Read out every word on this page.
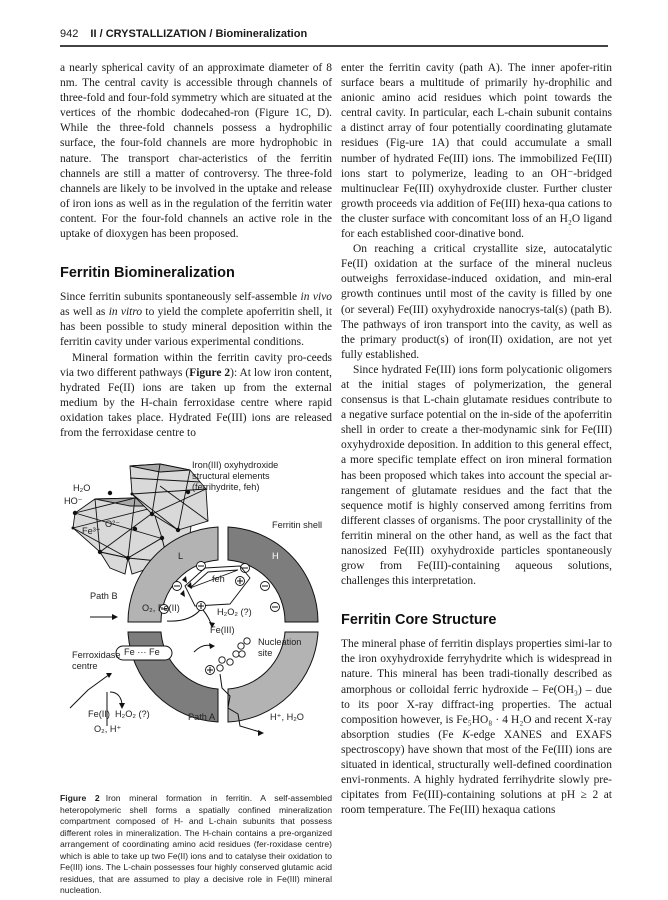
942 II / CRYSTALLIZATION / Biomineralization

a nearly spherical cavity of an approximate diameter of 8 nm. The central cavity is accessible through channels of three-fold and four-fold symmetry which are situated at the vertices of the rhombic dodecahed-ron (Figure 1C, D). While the three-fold channels possess a hydrophilic surface, the four-fold channels are more hydrophobic in nature. The transport char-acteristics of the ferritin channels are still a matter of controversy. The three-fold channels are likely to be involved in the uptake and release of iron ions as well as in the regulation of the ferritin water content. For the four-fold channels an active role in the uptake of dioxygen has been proposed.

Ferritin Biomineralization

Since ferritin subunits spontaneously self-assemble in vivo as well as in vitro to yield the complete apoferritin shell, it has been possible to study mineral deposition within the ferritin cavity under various experimental conditions.

Mineral formation within the ferritin cavity pro-ceeds via two different pathways (Figure 2): At low iron content, hydrated Fe(II) ions are taken up from the external medium by the H-chain ferroxidase centre where rapid oxidation takes place. Hydrated Fe(III) ions are released from the ferroxidase centre to

Iron(III) oxyhydroxide
structural elements
(ferrihydrite, feh)
H₂O
HO⁻
Fe³⁺
O²⁻	Ferritin shell
L	H
feh
Path B
O₂, Fe(II)	H₂O₂ (?)
Fe(III)
Nucleation
site
Ferroxidase
centre
Fe ··· Fe
Fe(II) H₂O₂ (?)
O₂, H⁺
Path A	H⁺, H₂O
Figure 2 Iron mineral formation in ferritin. A self-assembled heteropolymeric shell forms a spatially confined mineralization compartment composed of H- and L-chain subunits that possess different roles in mineralization. The H-chain contains a pre-organized arrangement of coordinating amino acid residues (fer-roxidase centre) which is able to take up two Fe(II) ions and to catalyse their oxidation to Fe(III) ions. The L-chain possesses four highly conserved glutamic acid residues, that are assumed to play a decisive role in Fe(III) mineral nucleation.

enter the ferritin cavity (path A). The inner apofer-ritin surface bears a multitude of primarily hy-drophilic and anionic amino acid residues which point towards the central cavity. In particular, each L-chain subunit contains a distinct array of four potentially coordinating glutamate residues (Fig-ure 1A) that could accumulate a small number of hydrated Fe(III) ions. The immobilized Fe(III) ions start to polymerize, leading to an OH⁻-bridged multinuclear Fe(III) oxyhydroxide cluster. Further cluster growth proceeds via addition of Fe(III) hexa-qua cations to the cluster surface with concomitant loss of an H₂O ligand for each established coor-dinative bond.

On reaching a critical crystallite size, autocatalytic Fe(II) oxidation at the surface of the mineral nucleus outweighs ferroxidase-induced oxidation, and min-eral growth continues until most of the cavity is filled by one (or several) Fe(III) oxyhydroxide nanocrys-tal(s) (path B). The pathways of iron transport into the cavity, as well as the primary product(s) of iron(II) oxidation, are not yet fully established.

Since hydrated Fe(III) ions form polycationic oligomers at the initial stages of polymerization, the general consensus is that L-chain glutamate residues contribute to a negative surface potential on the in-side of the apoferritin shell in order to create a ther-modynamic sink for Fe(III) oxyhydroxide deposition. In addition to this general effect, a more specific template effect on iron mineral formation has been proposed which takes into account the special ar-rangement of glutamate residues and the fact that the sequence motif is highly conserved among ferritins from different classes of organisms. The poor crystallinity of the ferritin mineral on the other hand, as well as the fact that nanosized Fe(III) oxyhydroxide particles spontaneously grow from Fe(III)-containing aqueous solutions, challenges this interpretation.

Ferritin Core Structure

The mineral phase of ferritin displays properties simi-lar to the iron oxyhydroxide ferryhydrite which is widespread in nature. This mineral has been tradi-tionally described as amorphous or colloidal ferric hydroxide – Fe(OH₃) – due to its poor X-ray diffract-ing properties. The actual composition however, is Fe₅HO₈ · 4 H₂O and recent X-ray absorption studies (Fe K-edge XANES and EXAFS spectroscopy) have shown that most of the Fe(III) ions are situated in identical, structurally well-defined coordination envi-ronments. A highly hydrated ferrihydrite slowly pre-cipitates from Fe(III)-containing solutions at pH ≥ 2 at room temperature. The Fe(III) hexaqua cations
